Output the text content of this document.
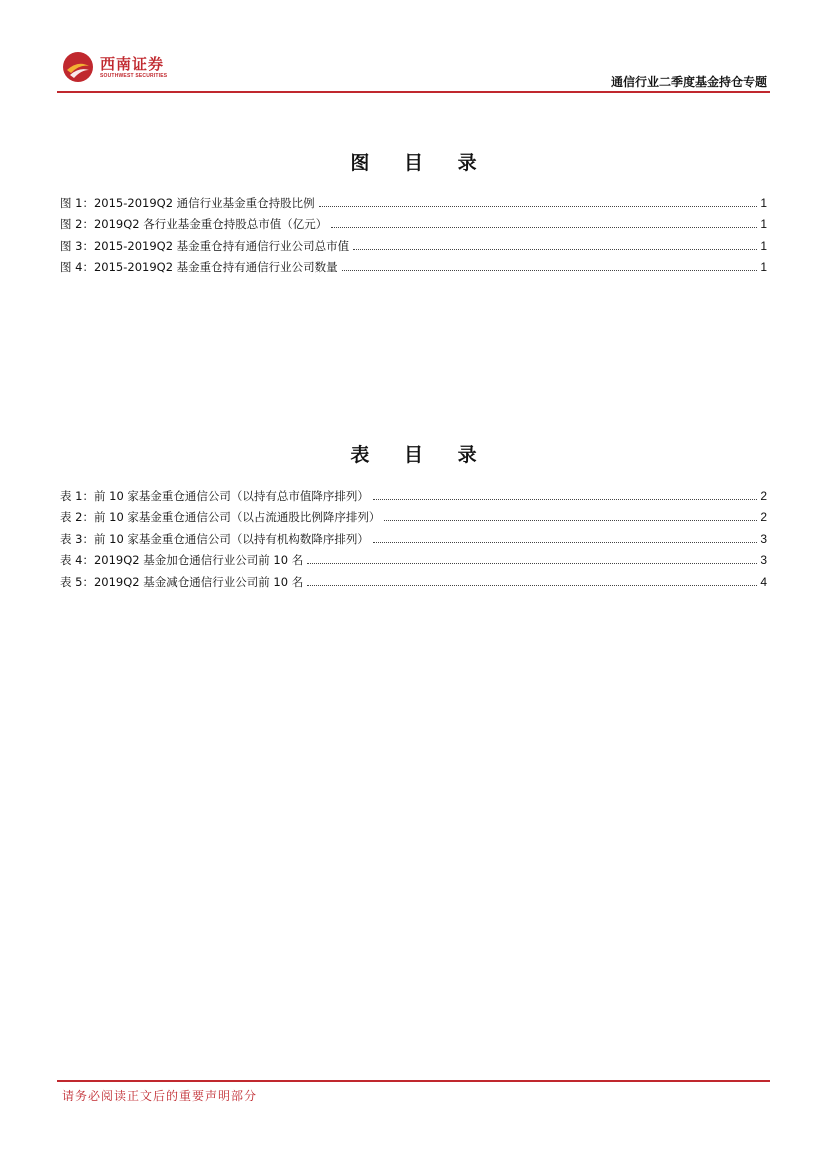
西南证券
SOUTHWEST SECURITIES	通信行业二季度基金持仓专题
图 目 录
图 1：2015-2019Q2 通信行业基金重仓持股比例	1
图 2：2019Q2 各行业基金重仓持股总市值（亿元）	1
图 3：2015-2019Q2 基金重仓持有通信行业公司总市值	1
图 4：2015-2019Q2 基金重仓持有通信行业公司数量	1
表 目 录
表 1：前 10 家基金重仓通信公司（以持有总市值降序排列）	2
表 2：前 10 家基金重仓通信公司（以占流通股比例降序排列）	2
表 3：前 10 家基金重仓通信公司（以持有机构数降序排列）	3
表 4：2019Q2 基金加仓通信行业公司前 10 名	3
表 5：2019Q2 基金减仓通信行业公司前 10 名	4
请务必阅读正文后的重要声明部分
